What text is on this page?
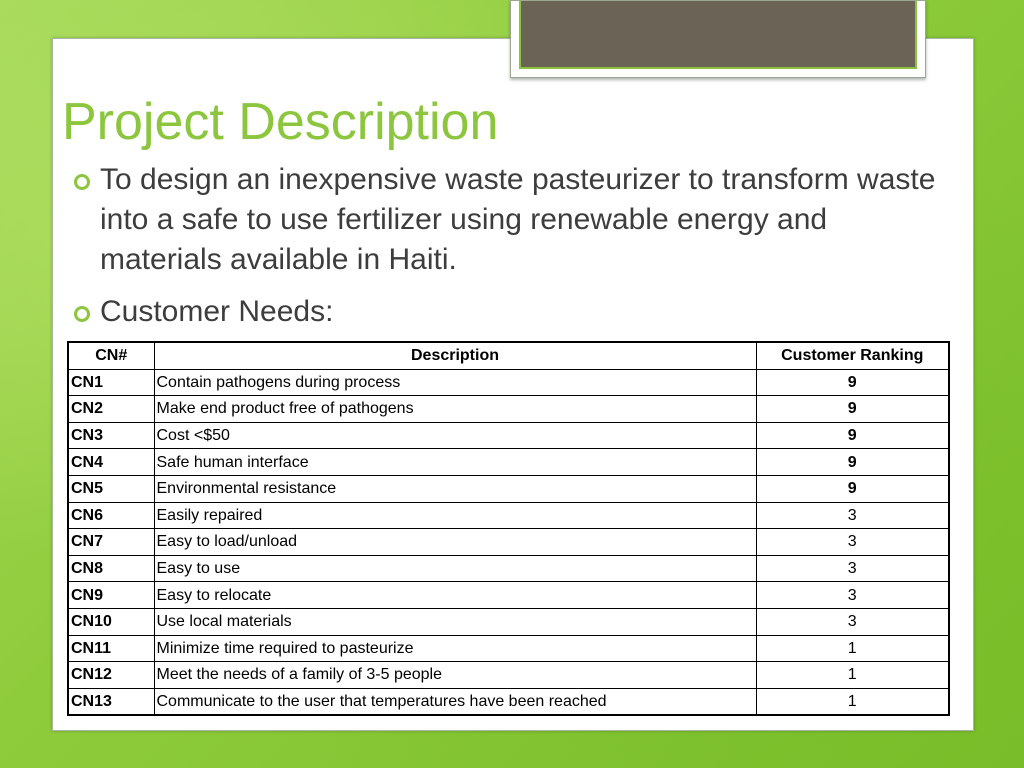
Project Description
To design an inexpensive waste pasteurizer to transform waste into a safe to use fertilizer using renewable energy and materials available in Haiti.
Customer Needs:
CN#	Description	Customer Ranking
CN1	Contain pathogens during process	9
CN2	Make end product free of pathogens	9
CN3	Cost <$50	9
CN4	Safe human interface	9
CN5	Environmental resistance	9
CN6	Easily repaired	3
CN7	Easy to load/unload	3
CN8	Easy to use	3
CN9	Easy to relocate	3
CN10	Use local materials	3
CN11	Minimize time required to pasteurize	1
CN12	Meet the needs of a family of 3-5 people	1
CN13	Communicate to the user that temperatures have been reached	1
